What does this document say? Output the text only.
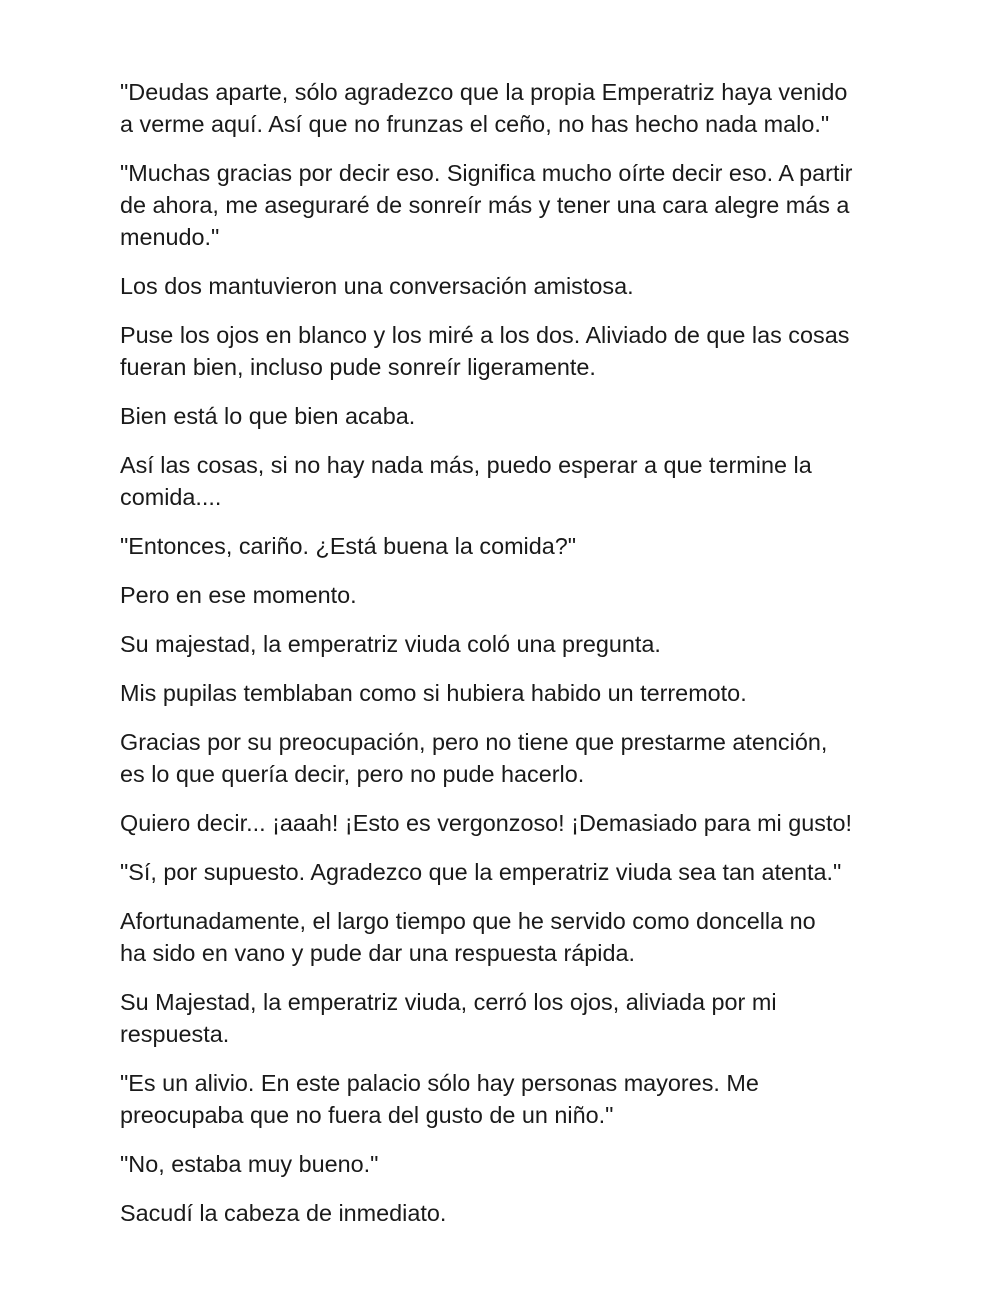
"Deudas aparte, sólo agradezco que la propia Emperatriz haya venido
a verme aquí. Así que no frunzas el ceño, no has hecho nada malo."

"Muchas gracias por decir eso. Significa mucho oírte decir eso. A partir
de ahora, me aseguraré de sonreír más y tener una cara alegre más a
menudo."

Los dos mantuvieron una conversación amistosa.

Puse los ojos en blanco y los miré a los dos. Aliviado de que las cosas
fueran bien, incluso pude sonreír ligeramente.

Bien está lo que bien acaba.

Así las cosas, si no hay nada más, puedo esperar a que termine la
comida....

"Entonces, cariño. ¿Está buena la comida?"

Pero en ese momento.

Su majestad, la emperatriz viuda coló una pregunta.

Mis pupilas temblaban como si hubiera habido un terremoto.

Gracias por su preocupación, pero no tiene que prestarme atención,
es lo que quería decir, pero no pude hacerlo.

Quiero decir... ¡aaah! ¡Esto es vergonzoso! ¡Demasiado para mi gusto!

"Sí, por supuesto. Agradezco que la emperatriz viuda sea tan atenta."

Afortunadamente, el largo tiempo que he servido como doncella no
ha sido en vano y pude dar una respuesta rápida.

Su Majestad, la emperatriz viuda, cerró los ojos, aliviada por mi
respuesta.

"Es un alivio. En este palacio sólo hay personas mayores. Me
preocupaba que no fuera del gusto de un niño."

"No, estaba muy bueno."

Sacudí la cabeza de inmediato.
